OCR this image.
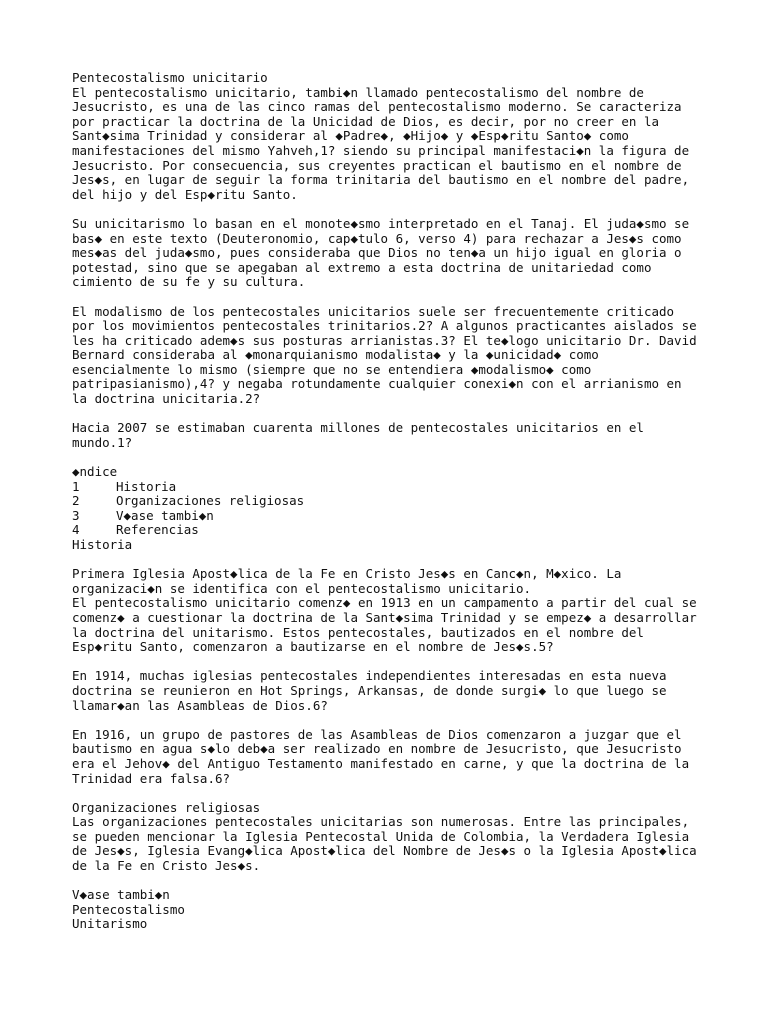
Pentecostalismo unicitario
El pentecostalismo unicitario, tambi◆n llamado pentecostalismo del nombre de
Jesucristo, es una de las cinco ramas del pentecostalismo moderno. Se caracteriza
por practicar la doctrina de la Unicidad de Dios, es decir, por no creer en la
Sant◆sima Trinidad y considerar al ◆Padre◆, ◆Hijo◆ y ◆Esp◆ritu Santo◆ como
manifestaciones del mismo Yahveh,1? siendo su principal manifestaci◆n la figura de
Jesucristo. Por consecuencia, sus creyentes practican el bautismo en el nombre de
Jes◆s, en lugar de seguir la forma trinitaria del bautismo en el nombre del padre,
del hijo y del Esp◆ritu Santo.
Su unicitarismo lo basan en el monote◆smo interpretado en el Tanaj. El juda◆smo se
bas◆ en este texto (Deuteronomio, cap◆tulo 6, verso 4) para rechazar a Jes◆s como
mes◆as del juda◆smo, pues consideraba que Dios no ten◆a un hijo igual en gloria o
potestad, sino que se apegaban al extremo a esta doctrina de unitariedad como
cimiento de su fe y su cultura.
El modalismo de los pentecostales unicitarios suele ser frecuentemente criticado
por los movimientos pentecostales trinitarios.2? A algunos practicantes aislados se
les ha criticado adem◆s sus posturas arrianistas.3? El te◆logo unicitario Dr. David
Bernard consideraba al ◆monarquianismo modalista◆ y la ◆unicidad◆ como
esencialmente lo mismo (siempre que no se entendiera ◆modalismo◆ como
patripasianismo),4? y negaba rotundamente cualquier conexi◆n con el arrianismo en
la doctrina unicitaria.2?
Hacia 2007 se estimaban cuarenta millones de pentecostales unicitarios en el
mundo.1?
◆ndice
1	Historia
2	Organizaciones religiosas
3	V◆ase tambi◆n
4	Referencias
Historia
Primera Iglesia Apost◆lica de la Fe en Cristo Jes◆s en Canc◆n, M◆xico. La
organizaci◆n se identifica con el pentecostalismo unicitario.
El pentecostalismo unicitario comenz◆ en 1913 en un campamento a partir del cual se
comenz◆ a cuestionar la doctrina de la Sant◆sima Trinidad y se empez◆ a desarrollar
la doctrina del unitarismo. Estos pentecostales, bautizados en el nombre del
Esp◆ritu Santo, comenzaron a bautizarse en el nombre de Jes◆s.5?
En 1914, muchas iglesias pentecostales independientes interesadas en esta nueva
doctrina se reunieron en Hot Springs, Arkansas, de donde surgi◆ lo que luego se
llamar◆an las Asambleas de Dios.6?
En 1916, un grupo de pastores de las Asambleas de Dios comenzaron a juzgar que el
bautismo en agua s◆lo deb◆a ser realizado en nombre de Jesucristo, que Jesucristo
era el Jehov◆ del Antiguo Testamento manifestado en carne, y que la doctrina de la
Trinidad era falsa.6?
Organizaciones religiosas
Las organizaciones pentecostales unicitarias son numerosas. Entre las principales,
se pueden mencionar la Iglesia Pentecostal Unida de Colombia, la Verdadera Iglesia
de Jes◆s, Iglesia Evang◆lica Apost◆lica del Nombre de Jes◆s o la Iglesia Apost◆lica
de la Fe en Cristo Jes◆s.
V◆ase tambi◆n
Pentecostalismo
Unitarismo
